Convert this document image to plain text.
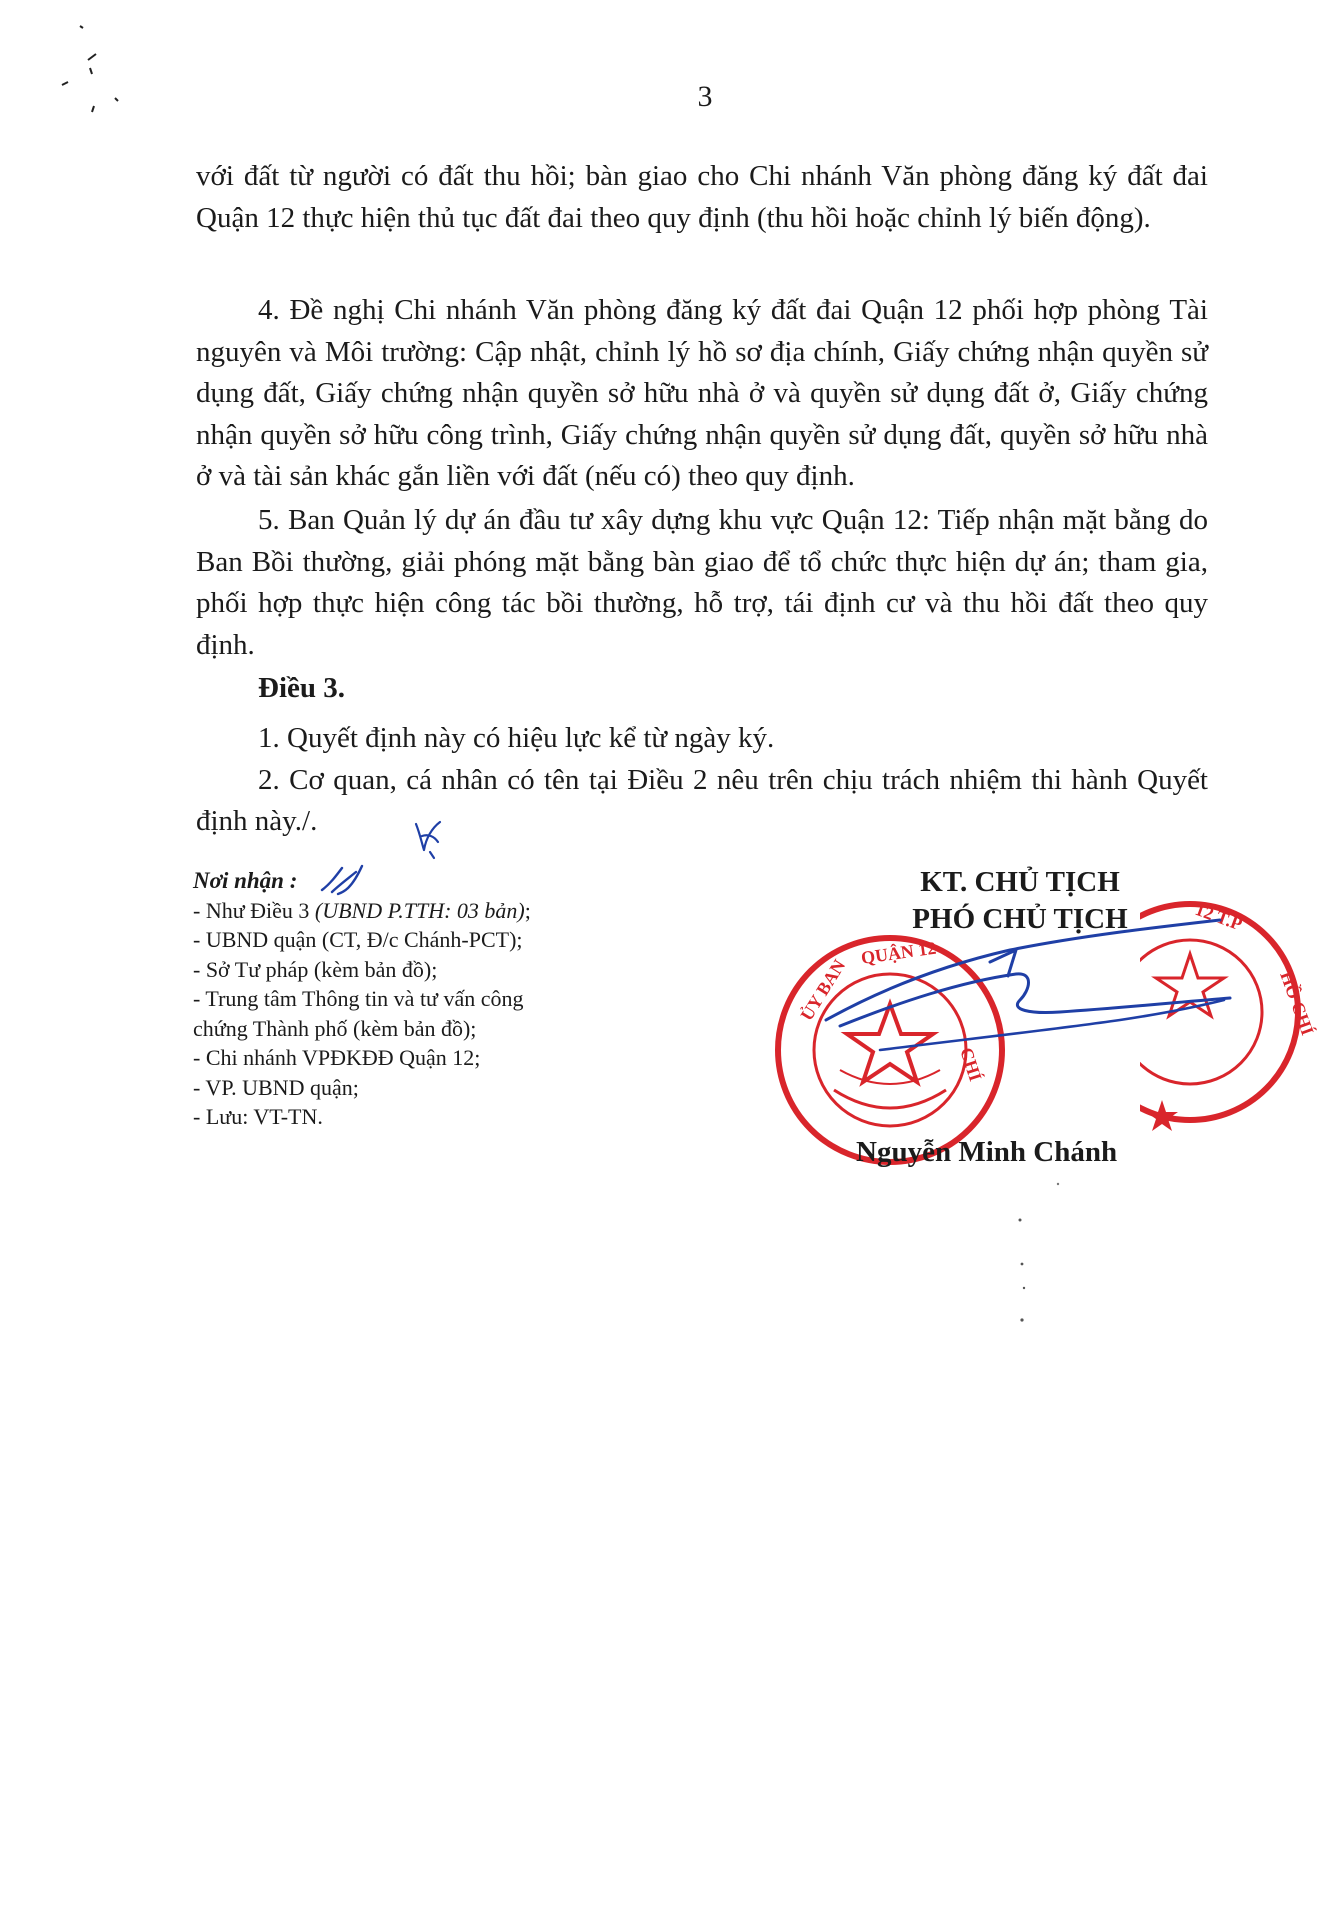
3

với đất từ người có đất thu hồi; bàn giao cho Chi nhánh Văn phòng đăng ký đất đai Quận 12 thực hiện thủ tục đất đai theo quy định (thu hồi hoặc chỉnh lý biến động).

4. Đề nghị Chi nhánh Văn phòng đăng ký đất đai Quận 12 phối hợp phòng Tài nguyên và Môi trường: Cập nhật, chỉnh lý hồ sơ địa chính, Giấy chứng nhận quyền sử dụng đất, Giấy chứng nhận quyền sở hữu nhà ở và quyền sử dụng đất ở, Giấy chứng nhận quyền sở hữu công trình, Giấy chứng nhận quyền sử dụng đất, quyền sở hữu nhà ở và tài sản khác gắn liền với đất (nếu có) theo quy định.

5. Ban Quản lý dự án đầu tư xây dựng khu vực Quận 12: Tiếp nhận mặt bằng do Ban Bồi thường, giải phóng mặt bằng bàn giao để tổ chức thực hiện dự án; tham gia, phối hợp thực hiện công tác bồi thường, hỗ trợ, tái định cư và thu hồi đất theo quy định.

Điều 3.

1. Quyết định này có hiệu lực kể từ ngày ký.

2. Cơ quan, cá nhân có tên tại Điều 2 nêu trên chịu trách nhiệm thi hành Quyết định này./.

Nơi nhận :
- Như Điều 3 (UBND P.TTH: 03 bản);
- UBND quận (CT, Đ/c Chánh-PCT);
- Sở Tư pháp (kèm bản đồ);
- Trung tâm Thông tin và tư vấn công
chứng Thành phố (kèm bản đồ);
- Chi nhánh VPĐKĐĐ Quận 12;
- VP. UBND quận;
- Lưu: VT-TN.
KT. CHỦ TỊCH
PHÓ CHỦ TỊCH
ỦY BAN
QUẬN 12
CHÍ
12 T.P
HỒ CHÍ
Nguyễn Minh Chánh
